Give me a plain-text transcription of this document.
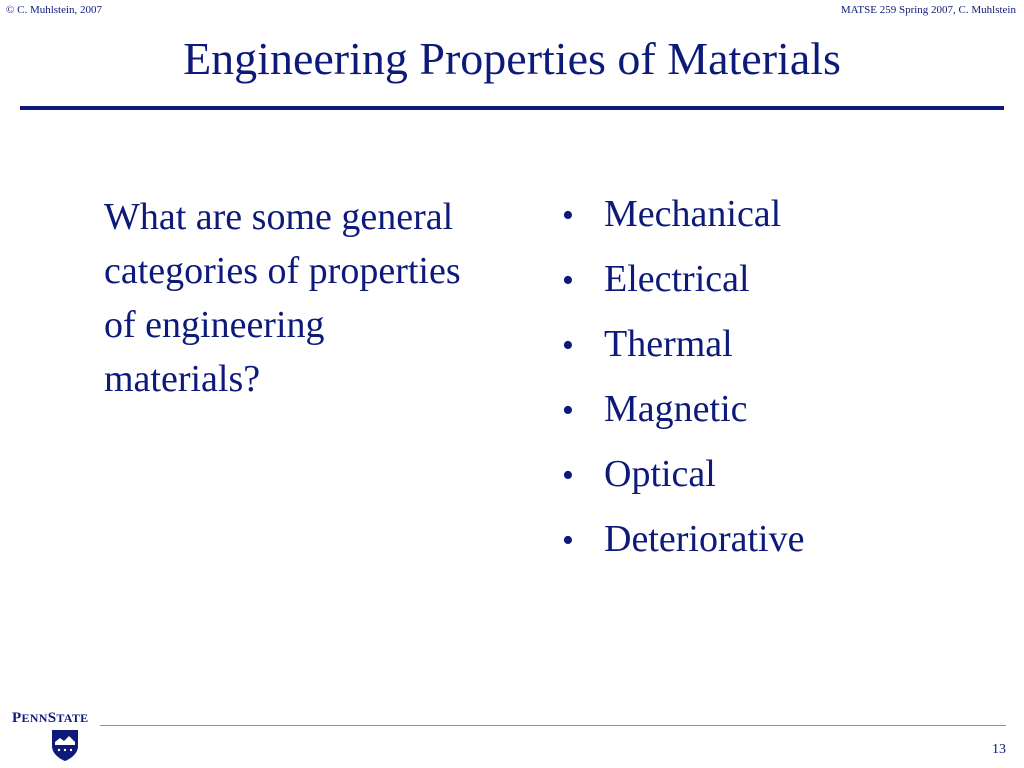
© C. Muhlstein, 2007	MATSE 259 Spring 2007, C. Muhlstein
Engineering Properties of Materials
What are some general categories of properties of engineering materials?
• Mechanical
• Electrical
• Thermal
• Magnetic
• Optical
• Deteriorative
PENNSTATE
13
